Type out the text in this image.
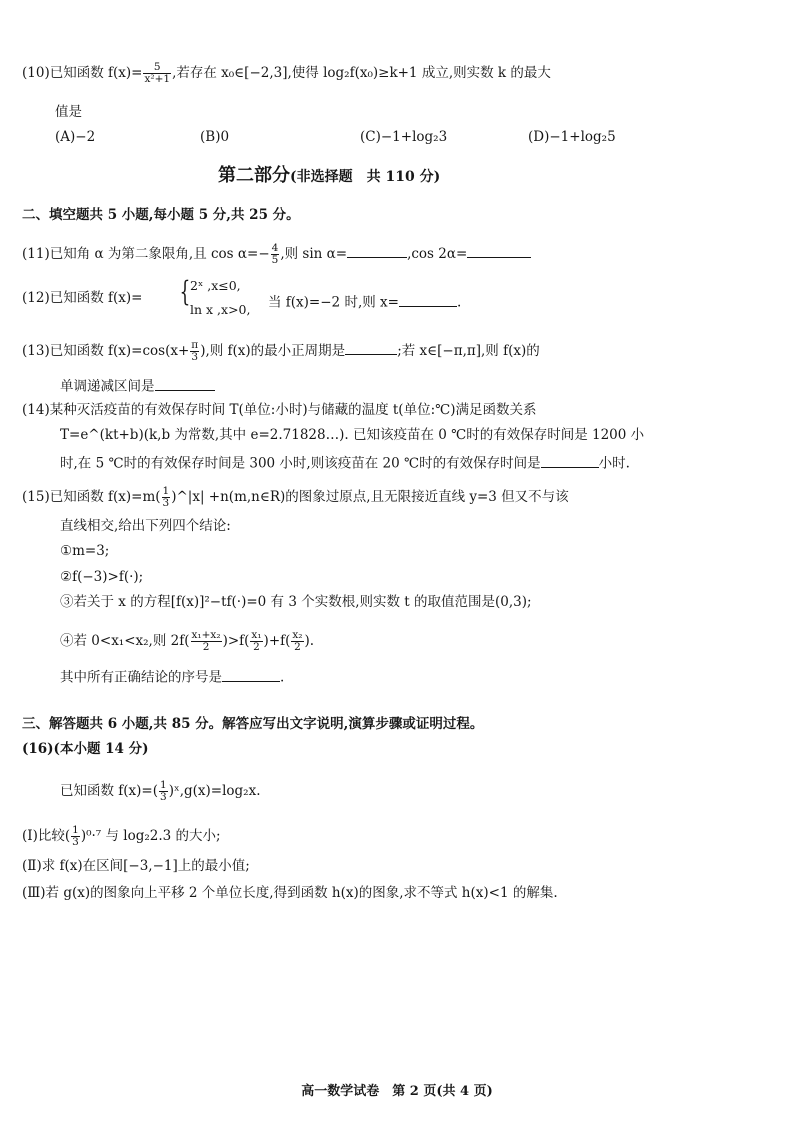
(10)已知函数 $f(x)= \frac{5}{\text{x²+1}}$ ,若存在 x₀∈[−2,3],使得 log₂f(x₀)≥k+1 成立,则实数 k 的最大
值是
(A)−2	(B)0	(C)−1+log₂3	(D)−1+log₂5
第二部分(非选择题　共 110 分)
二、填空题共 5 小题,每小题 5 分,共 25 分。
(11)已知角 α 为第二象限角,且 $\cos \alpha=- \frac{4}{5}$ ,则 sin α=	,cos 2α=
(12)已知函数 f(x)= { 2ˣ ,x≤0,
ln x ,x>0, 当 f(x)=−2 时,则 x=	.
(13)已知函数 $f(x)=\cos(x+ \frac{\pi}{3}$ ),则 f(x)的最小正周期是	;若 x∈[−π,π],则 f(x)的
单调递减区间是
(14)某种灭活疫苗的有效保存时间 T(单位:小时)与储藏的温度 t(单位:℃)满足函数关系
T=e^(kt+b)(k,b 为常数,其中 e=2.71828…). 已知该疫苗在 0 ℃时的有效保存时间是 1200 小
时,在 5 ℃时的有效保存时间是 300 小时,则该疫苗在 20 ℃时的有效保存时间是	小时.
(15)已知函数 $f(x)=m( \frac{1}{3}$ )^|x| +n(m,n∈R)的图象过原点,且无限接近直线 y=3 但又不与该
直线相交,给出下列四个结论:
①m=3;
②f(−3)>f(·);
③若关于 x 的方程[f(x)]²−tf(·)=0 有 3 个实数根,则实数 t 的取值范围是(0,3);
④若 0<x₁<x₂,则 $2f( \frac{\text{x₁+x₂}}{2} )>f( \frac{\text{x₁}}{2} )+f( \frac{\text{x₂}}{2}$ ).
其中所有正确结论的序号是	.
三、解答题共 6 小题,共 85 分。解答应写出文字说明,演算步骤或证明过程。
(16)(本小题 14 分)
已知函数 $f(x)=( \frac{1}{3}$ )ˣ,g(x)=log₂x.
(Ⅰ)比较( $\frac{1}{3} )^0\cdot^7$ 与 log₂2.3 的大小;
(Ⅱ)求 f(x)在区间[−3,−1]上的最小值;
(Ⅲ)若 g(x)的图象向上平移 2 个单位长度,得到函数 h(x)的图象,求不等式 h(x)<1 的解集.
高一数学试卷　第 2 页(共 4 页)
